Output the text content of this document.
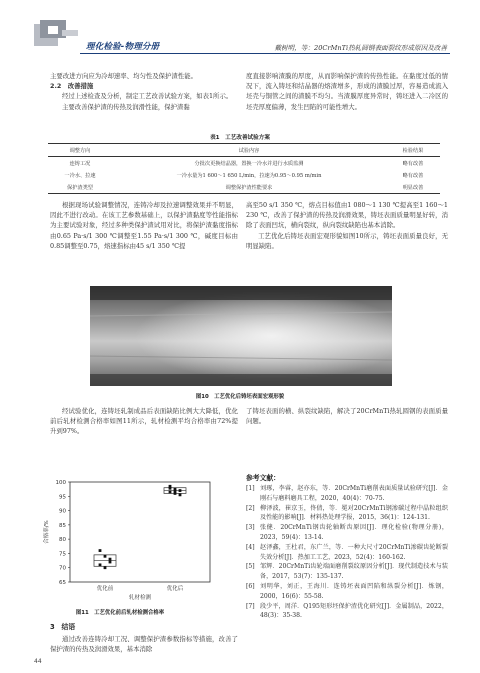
理化检验-物理分册	戴树明，等：20CrMnTi热轧圆钢表面裂纹形成原因及改善

主要改进方向应为冷却速率、均匀性及保护渣性能。

2.2　改善措施

经过上述检查及分析，制定工艺改善试验方案，如表1所示。

主要改善保护渣的传热及润滑性能，保护渣黏

度直接影响渣膜的厚度，从而影响保护渣的传热性能。在黏度过低的情况下，流入铸坯和结晶器的熔渣增多，形成的渣膜过厚，容易造成流入坯壳与铜管之间的渣膜不均匀。当渣膜厚度异常时，铸坯进入二冷区的坯壳厚度偏薄，发生凹陷的可能性增大。

表1　工艺改善试验方案
调整方向	试验内容	检验结果
连铸工况	分批次更换结晶器，置换一冷水并进行水质监测	略有改善
一冷水、拉速	一冷水量为1 600～1 650 L/min，拉速为0.95～0.95 m/min	略有改善
保护渣类型	调整保护渣性能要求	明显改善

根据现场试验调整情况，连铸冷却及拉速调整效果并不明显，因此不进行改动。在该工艺参数基础上，以保护渣黏度等性能指标为主要试验对象，经过多种类保护渣试用对比，将保护渣黏度指标由0.65 Pa·s/1 300 ℃调整至1.55 Pa·s/1 300 ℃，碱度目标由0.85调整至0.75，熔速指标由45 s/1 350 ℃提

高至50 s/1 350 ℃，熔点目标值由1 080～1 130 ℃提高至1 160～1 230 ℃，改善了保护渣的传热及润滑效果，铸坯表面质量明显好转，消除了表面凹坑，横向裂纹，纵向裂纹缺陷也基本消除。

工艺优化后铸坯表面宏观形貌如图10所示，铸坯表面质量良好，无明显缺陷。

图10　工艺优化后铸坯表面宏观形貌

经试验优化，连铸坯轧制成品后表面缺陷比例大大降低，优化前后轧材检测合格率如图11所示，轧材检测平均合格率由72%提升到97%。

了铸坯表面的横、纵裂纹缺陷，解决了20CrMnTi热轧圆钢的表面质量问题。

65
70
75
80
85
90
95
100
优化前	优化后
轧材检测
合格率/%
图11　工艺优化前后轧材检测合格率
3　结语

通过改善连铸冷却工况、调整保护渣参数指标等措施，改善了保护渣的传热及润滑效果，基本消除

参考文献：
[1] 刘琢，李睿，赵亦东，等．20CrMnTi磨削表面质量试验研究[J]．金刚石与磨料磨具工程，2020，40(4)：70-75.
[2] 柳泽波，崔京玉，佟倩，等．冕对20CrMnTi钢渗碳过程中晶粒组织及性能的影响[J]．材料热处理学报，2015，36(1)：124-131.
[3] 张健．20CrMnTi钢齿轮轴断齿原因[J]．理化检验(物理分册)，2023，59(4)：13-14.
[4] 赵泽鑫，王杜君，东广兰，等．一种大尺寸20CrMnTi渗碳齿轮断裂失效分析[J]．热加工工艺，2023，52(4)：160-162.
[5] 邹辉．20CrMnTi齿轮端面磨削裂纹原因分析[J]．现代制造技术与装备，2017，53(7)：135-137.
[6] 刘明华，刘正，王海川．连铸坯表面凹陷和纵裂分析[J]．炼钢，2000，16(6)：55-58.
[7] 段少平，周洋．Q195矩形坯保护渣优化研究[J]．金属制品，2022，48(3)：35-38.
44
